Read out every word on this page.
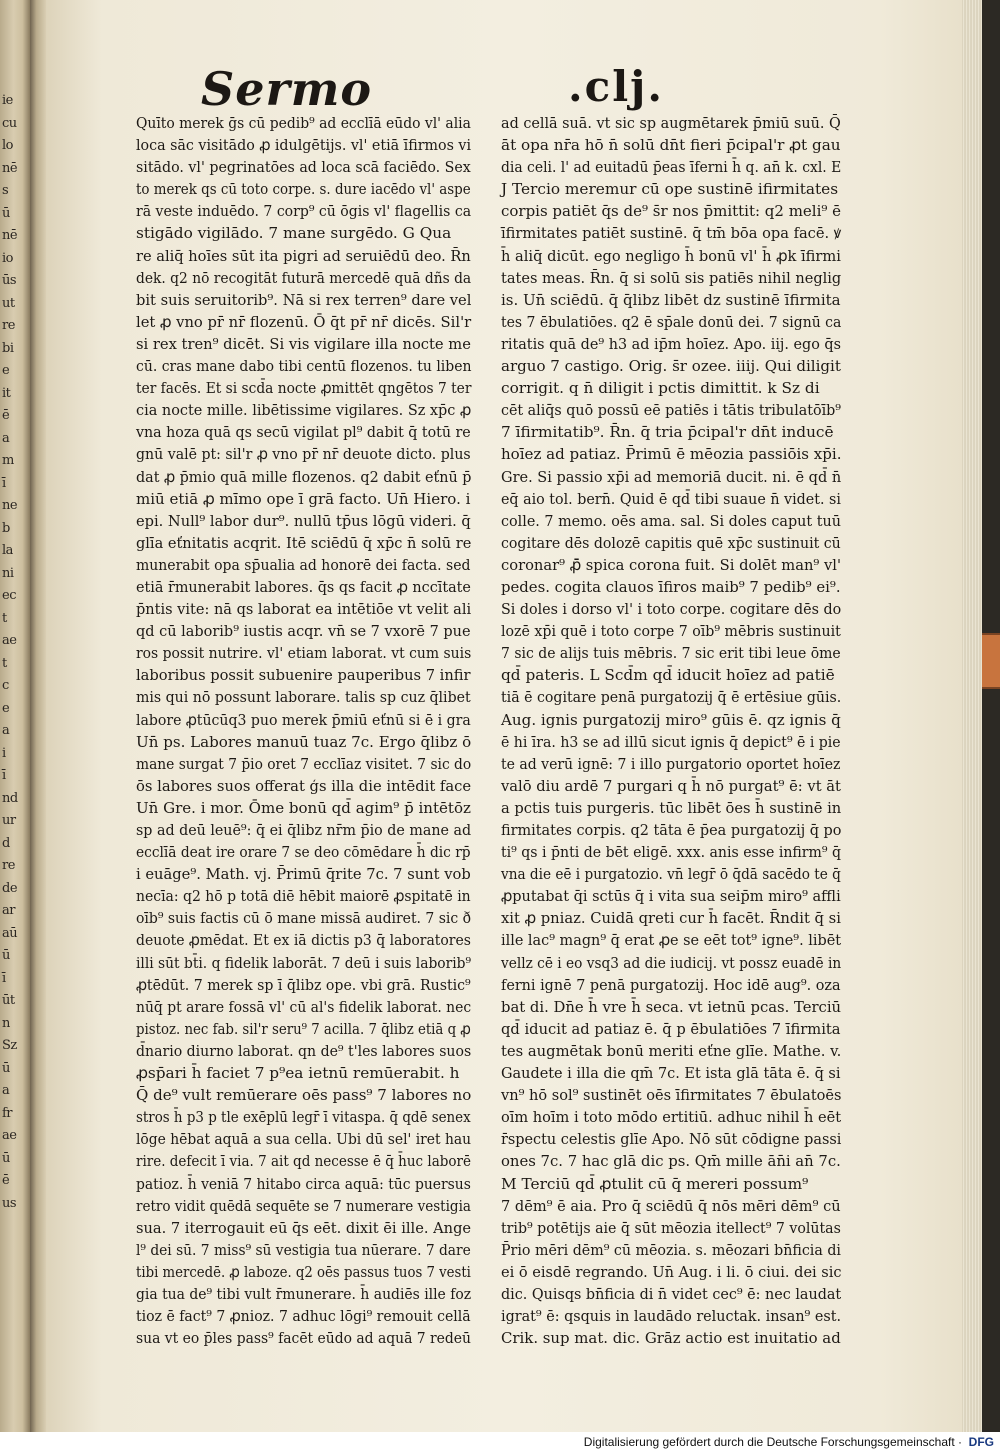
ie
cu
lo
nē
s
ū
nē
io
ūs
ut
re
bi
e
it
ē
a
m
ī
ne
b
la
ni
ec
t
ae
t
c
e
a
i
ī
nd
ur
d
re
de
ar
aū
ū
ī
ūt
n
Sz
ū
a
fr
ae
ū
ē
us
Sermo	.clj.
Quīto merek ḡs cū pedib⁹ ad ecclīā eūdo vl' alia
loca sāc visitādo ꝓ idulgētijs. vl' etiā īfirmos vi
sitādo. vl' pegrinatōes ad loca scā faciēdo. Sex
to merek qs cū toto corpe. s. dure iacēdo vl' aspe
rā veste induēdo. 7 corp⁹ cū ōgis vl' flagellis ca
stigādo vigilādo. 7 mane surgēdo. G Qua
re aliq̄ hoīes sūt ita pigri ad seruiēdū deo. R̄n
dek. q2 nō recogitāt futurā mercedē quā dñs da
bit suis seruitorib⁹. Nā si rex terren⁹ dare vel
let ꝓ vno pr̄ nr̄ flozenū. Ō q̄t pr̄ nr̄ dicēs. Sil'r
si rex tren⁹ dicēt. Si vis vigilare illa nocte me
cū. cras mane dabo tibi centū flozenos. tu liben
ter facēs. Et si scd̄a nocte ꝓmittēt qngētos 7 ter
cia nocte mille. libētissime vigilares. Sz xp̄c ꝓ
vna hoza quā qs secū vigilat pl⁹ dabit q̄ totū re
gnū valē pt: sil'r ꝓ vno pr̄ nr̄ deuote dicto. plus
dat ꝓ p̄mio quā mille flozenos. q2 dabit eťnū p̄
miū etiā ꝓ mīmo ope ī grā facto. Un̄ Hiero. i
epi. Null⁹ labor dur⁹. nullū tp̄us lōgū videri. q̄
glīa eťnitatis acqrit. Itē sciēdū q̄ xp̄c n̄ solū re
munerabit opa sp̄ualia ad honorē dei facta. sed
etiā r̄munerabit labores. q̄s qs facit ꝓ nccītate
p̄ntis vite: nā qs laborat ea intētiōe vt velit ali
qd cū laborib⁹ iustis acqr. vn̄ se 7 vxorē 7 pue
ros possit nutrire. vl' etiam laborat. vt cum suis
laboribus possit subuenire pauperibus 7 infir
mis qui nō possunt laborare. talis sp cuz q̄libet
labore ꝓtūcūq3 puo merek p̄miū eťnū si ē i gra
Un̄ ps. Labores manuū tuaz 7c. Ergo q̄libz ō
mane surgat 7 p̄io oret 7 ecclīaz visitet. 7 sic do
ōs labores suos offerat ģs illa die intēdit face
Un̄ Gre. i mor. Ōme bonū qd̄ agim⁹ p̄ intētōz
sp ad deū leuē⁹: q̄ ei q̄libz nr̄m p̄io de mane ad
ecclīā deat ire orare 7 se deo cōmēdare h̄ dic rp̄
i euāge⁹. Math. vj. P̄rimū q̄rite 7c. 7 sunt vob
necīa: q2 hō p totā diē hēbit maiorē ꝓspitatē in
oīb⁹ suis factis cū ō mane missā audiret. 7 sic ð
deuote ꝓmēdat. Et ex iā dictis p3 q̄ laboratores
illi sūt bt̄i. q fidelik laborāt. 7 deū i suis laborib⁹
ꝓtēdūt. 7 merek sp ī q̄libz ope. vbi grā. Rustic⁹
nūq̄ pt arare fossā vl' cū al's fidelik laborat. nec
pistoz. nec fab. sil'r seru⁹ 7 acilla. 7 q̄libz etiā q ꝓ
d̄nario diurno laborat. qn de⁹ t'les labores suos
ꝓsp̄ari h̄ faciet 7 p⁹ea ietnū remūerabit. h
Q̄ de⁹ vult remūerare oēs pass⁹ 7 labores no
stros h̄ p3 p tle exēplū legr̄ ī vitaspa. q̄ qdē senex
lōge hēbat aquā a sua cella. Ubi dū sel' iret hau
rire. defecit ī via. 7 ait qd necesse ē q̄ h̄uc laborē
patioz. h̄ veniā 7 hitabo circa aquā: tūc puersus
retro vidit quēdā sequēte se 7 numerare vestigia
sua. 7 iterrogauit eū q̄s eēt. dixit ēi ille. Ange
l⁹ dei sū. 7 miss⁹ sū vestigia tua nūerare. 7 dare
tibi mercedē. ꝓ laboze. q2 oēs passus tuos 7 vesti
gia tua de⁹ tibi vult r̄munerare. h̄ audiēs ille foz
tioz ē fact⁹ 7 ꝓnioz. 7 adhuc lōgi⁹ remouit cellā
sua vt eo p̄les pass⁹ facēt eūdo ad aquā 7 redeū
ad cellā suā. vt sic sp augmētarek p̄miū suū. Q̄
āt opa nr̄a hō n̄ solū dn̄t fieri p̄cipal'r ꝓt gau
dia celi. l' ad euitadū p̄eas īferni h̄ q. an̄ k. cxl. E
J Tercio meremur cū ope sustinē ifirmitates
corpis patiēt q̄s de⁹ s̄r nos p̄mittit: q2 meli⁹ ē
īfirmitates patiēt sustinē. q̄ tm̄ bōa opa facē. ꝟ
h̄ aliq̄ dicūt. ego negligo h̄ bonū vl' h̄ ꝓk īfirmi
tates meas. R̄n. q̄ si solū sis patiēs nihil neglig
is. Un̄ sciēdū. q̄ q̄libz libēt dz sustinē īfirmita
tes 7 ēbulatiōes. q2 ē sp̄ale donū dei. 7 signū ca
ritatis quā de⁹ h3 ad ip̄m hoīez. Apo. iij. ego q̄s
arguo 7 castigo. Orig. s̄r ozee. iiij. Qui diligit
corrigit. q n̄ diligit i pctis dimittit. k Sz di
cēt aliq̄s quō possū eē patiēs i tātis tribulatōīb⁹
7 īfirmitatib⁹. R̄n. q̄ tria p̄cipal'r dn̄t inducē
hoīez ad patiaz. P̄rimū ē mēozia passiōis xp̄i.
Gre. Si passio xp̄i ad memoriā ducit. ni. ē qd̄ n̄
eq̄ aio tol. bern̄. Quid ē qd̄ tibi suaue n̄ videt. si
colle. 7 memo. oēs ama. sal. Si doles caput tuū
cogitare dēs dolozē capitis quē xp̄c sustinuit cū
coronar⁹ ꝓ̄ spica corona fuit. Si dolēt man⁹ vl'
pedes. cogita clauos īfiros maib⁹ 7 pedib⁹ ei⁹.
Si doles i dorso vl' i toto corpe. cogitare dēs do
lozē xp̄i quē i toto corpe 7 oīb⁹ mēbris sustinuit
7 sic de alijs tuis mēbris. 7 sic erit tibi leue ōme
qd̄ pateris. L Scd̄m qd̄ iducit hoīez ad patiē
tiā ē cogitare penā purgatozij q̄ ē ertēsiue gūis.
Aug. ignis purgatozij miro⁹ gūis ē. qz ignis q̄
ē hi īra. h3 se ad illū sicut ignis q̄ depict⁹ ē i pie
te ad verū ignē: 7 i illo purgatorio oportet hoīez
valō diu ardē 7 purgari q h̄ nō purgat⁹ ē: vt āt
a pctis tuis purgeris. tūc libēt ōes h̄ sustinē in
firmitates corpis. q2 tāta ē p̄ea purgatozij q̄ po
ti⁹ qs i p̄nti de bēt eligē. xxx. anis esse infirm⁹ q̄
vna die eē i purgatozio. vn̄ legr̄ ō q̄dā sacēdo te q̄
ꝓputabat q̄i sctūs q̄ i vita sua seip̄m miro⁹ affli
xit ꝓ pniaz. Cuidā qreti cur h̄ facēt. R̄ndit q̄ si
ille lac⁹ magn⁹ q̄ erat ꝓe se eēt tot⁹ igne⁹. libēt
vellz cē i eo vsq3 ad die iudicij. vt possz euadē in
ferni ignē 7 penā purgatozij. Hoc idē aug⁹. oza
bat di. Dn̄e h̄ vre h̄ seca. vt ietnū pcas. Terciū
qd̄ iducit ad patiaz ē. q̄ p ēbulatiōes 7 īfirmita
tes augmētak bonū meriti eťne glīe. Mathe. v.
Gaudete i illa die qm̄ 7c. Et ista glā tāta ē. q̄ si
vn⁹ hō sol⁹ sustinēt oēs īfirmitates 7 ēbulatoēs
oīm hoīm i toto mōdo ertitiū. adhuc nihil h̄ eēt
r̄spectu celestis glīe Apo. Nō sūt cōdigne passi
ones 7c. 7 hac glā dic ps. Qm̄ mille ān̄i an̄ 7c.
M Terciū qd̄ ꝓtulit cū q̄ mereri possum⁹
7 dēm⁹ ē aia. Pro q̄ sciēdū q̄ nōs mēri dēm⁹ cū
trib⁹ potētijs aie q̄ sūt mēozia itellect⁹ 7 volūtas
P̄rio mēri dēm⁹ cū mēozia. s. mēozari bn̄ficia di
ei ō eisdē regrando. Un̄ Aug. i li. ō ciui. dei sic
dic. Quisqs bn̄ficia di n̄ videt cec⁹ ē: nec laudat
igrat⁹ ē: qsquis in laudādo reluctak. insan⁹ est.
Crik. sup mat. dic. Grāz actio est inuitatio ad
Digitalisierung gefördert durch die Deutsche Forschungsgemeinschaft · DFG
